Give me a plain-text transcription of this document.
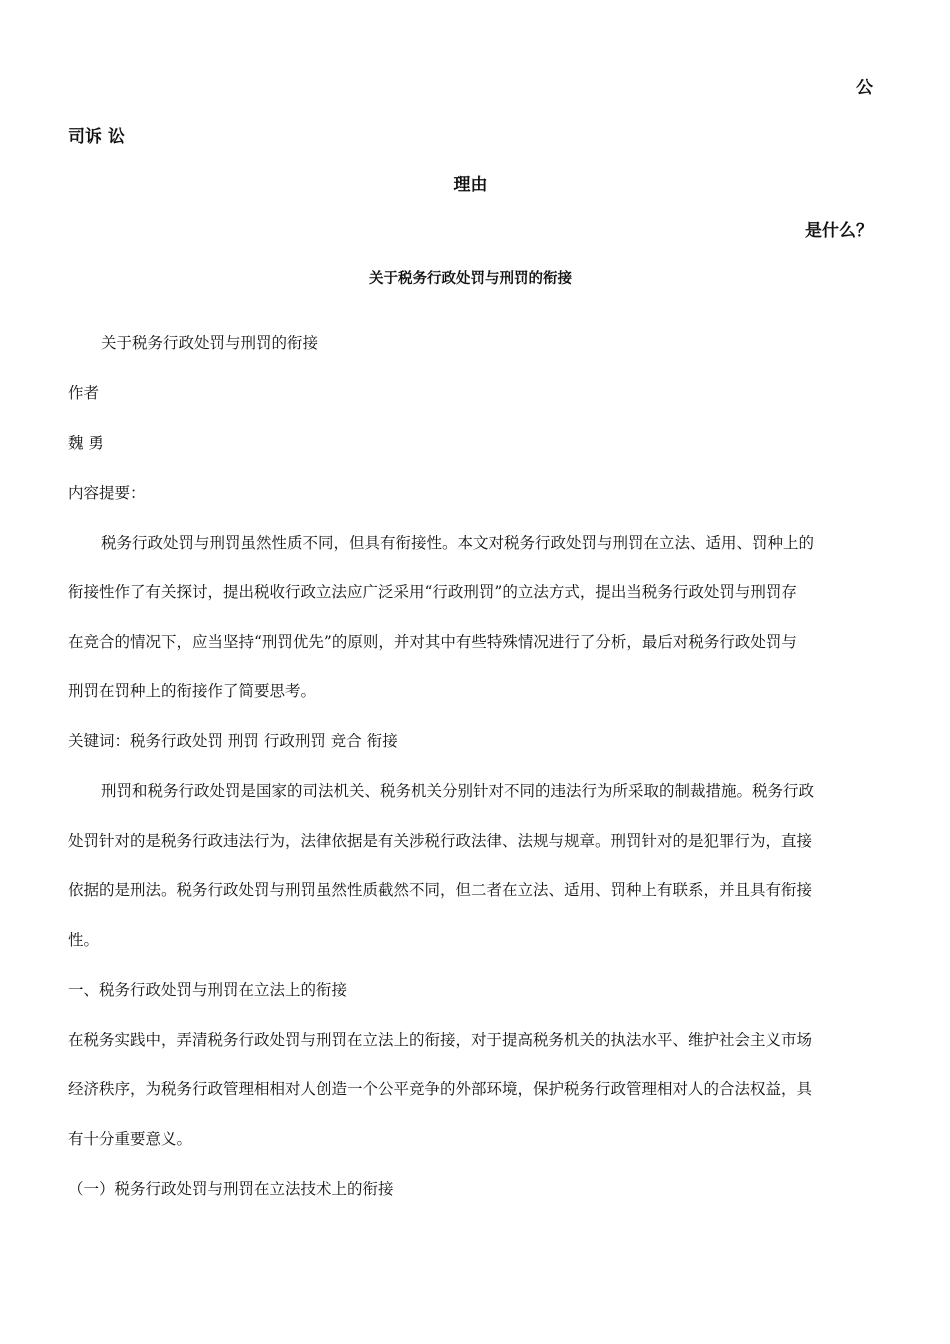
公
司诉 讼
理由
是什么？
关于税务行政处罚与刑罚的衔接
关于税务行政处罚与刑罚的衔接
作者
魏 勇
内容提要：
税务行政处罚与刑罚虽然性质不同，但具有衔接性。本文对税务行政处罚与刑罚在立法、适用、罚种上的
衔接性作了有关探讨，提出税收行政立法应广泛采用“行政刑罚”的立法方式，提出当税务行政处罚与刑罚存
在竞合的情况下，应当坚持“刑罚优先”的原则，并对其中有些特殊情况进行了分析，最后对税务行政处罚与
刑罚在罚种上的衔接作了简要思考。
关键词：税务行政处罚 刑罚 行政刑罚 竞合 衔接
刑罚和税务行政处罚是国家的司法机关、税务机关分别针对不同的违法行为所采取的制裁措施。税务行政
处罚针对的是税务行政违法行为，法律依据是有关涉税行政法律、法规与规章。刑罚针对的是犯罪行为，直接
依据的是刑法。税务行政处罚与刑罚虽然性质截然不同，但二者在立法、适用、罚种上有联系，并且具有衔接
性。
一、税务行政处罚与刑罚在立法上的衔接
在税务实践中，弄清税务行政处罚与刑罚在立法上的衔接，对于提高税务机关的执法水平、维护社会主义市场
经济秩序，为税务行政管理相相对人创造一个公平竞争的外部环境，保护税务行政管理相对人的合法权益，具
有十分重要意义。
（一）税务行政处罚与刑罚在立法技术上的衔接
